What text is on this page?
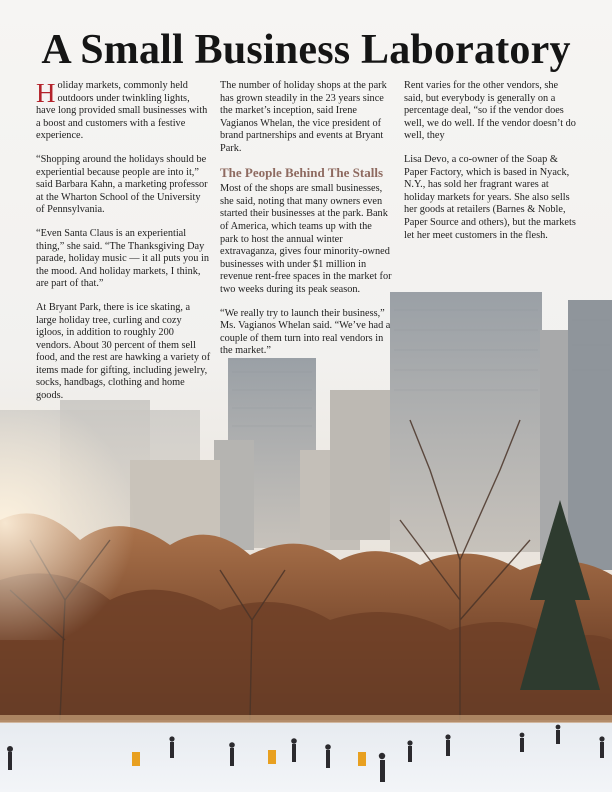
A Small Business Laboratory

Holiday markets, commonly held outdoors under twinkling lights, have long provided small businesses with a boost and customers with a festive experience.

“Shopping around the holidays should be experiential because people are into it,” said Barbara Kahn, a marketing professor at the Wharton School of the University of Pennsylvania.

“Even Santa Claus is an experiential thing,” she said. “The Thanksgiving Day parade, holiday music — it all puts you in the mood. And holiday markets, I think, are part of that.”

At Bryant Park, there is ice skating, a large holiday tree, curling and cozy igloos, in addition to roughly 200 vendors. About 30 percent of them sell food, and the rest are hawking a variety of items made for gifting, including jewelry, socks, handbags, clothing and home goods.

The number of holiday shops at the park has grown steadily in the 23 years since the market’s inception, said Irene Vagianos Whelan, the vice president of brand partnerships and events at Bryant Park.

The People Behind The Stalls

Most of the shops are small businesses, she said, noting that many owners even started their businesses at the park. Bank of America, which teams up with the park to host the annual winter extravaganza, gives four minority-owned businesses with under $1 million in revenue rent-free spaces in the market for two weeks during its peak season.

“We really try to launch their business,” Ms. Vagianos Whelan said. “We’ve had a couple of them turn into real vendors in the market.”

Rent varies for the other vendors, she said, but everybody is generally on a percentage deal, “so if the vendor does well, we do well. If the vendor doesn’t do well, they

Lisa Devo, a co-owner of the Soap & Paper Factory, which is based in Nyack, N.Y., has sold her fragrant wares at holiday markets for years. She also sells her goods at retailers (Barnes & Noble, Paper Source and others), but the markets let her meet customers in the flesh.
